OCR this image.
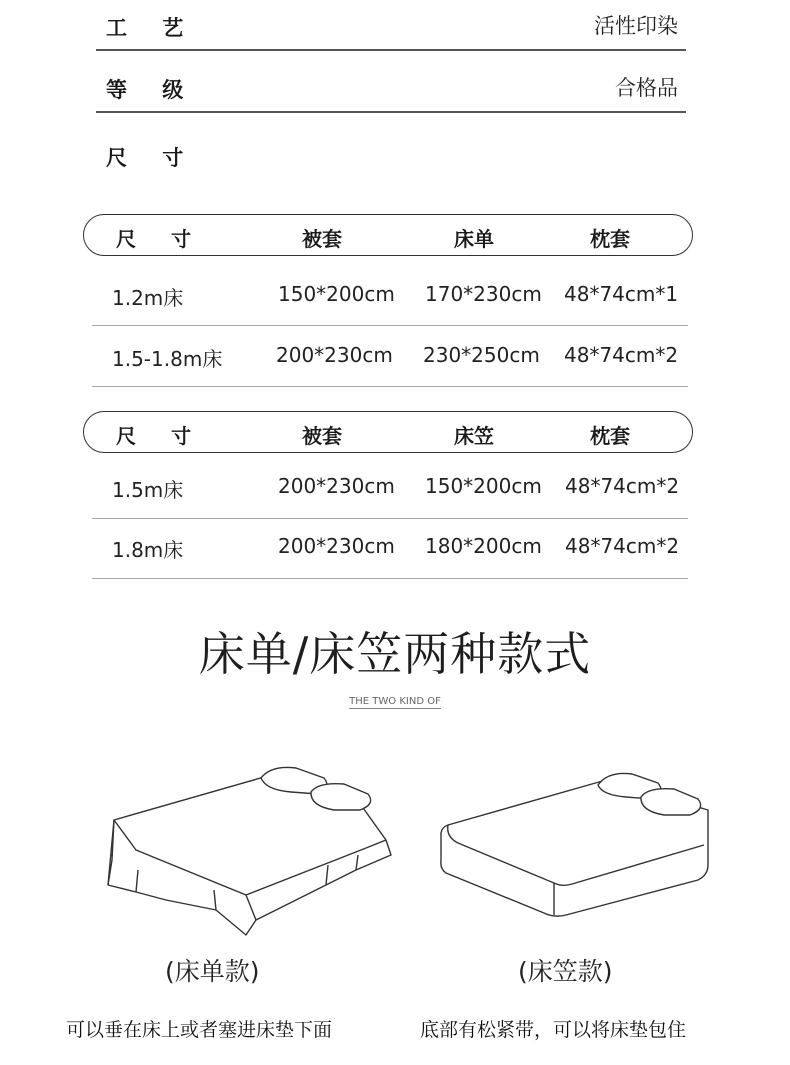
工 艺	活性印染
等 级	合格品
尺 寸
尺 寸	被套	床单	枕套
1.2m床	150*200cm 170*230cm 48*74cm*1
1.5-1.8m床	200*230cm 230*250cm 48*74cm*2
尺 寸	被套	床笠	枕套
1.5m床	200*230cm 150*200cm 48*74cm*2
1.8m床	200*230cm 180*200cm 48*74cm*2
床单/床笠两种款式
THE TWO KIND OF
(床单款)	(床笠款)
可以垂在床上或者塞进床垫下面	底部有松紧带，可以将床垫包住
